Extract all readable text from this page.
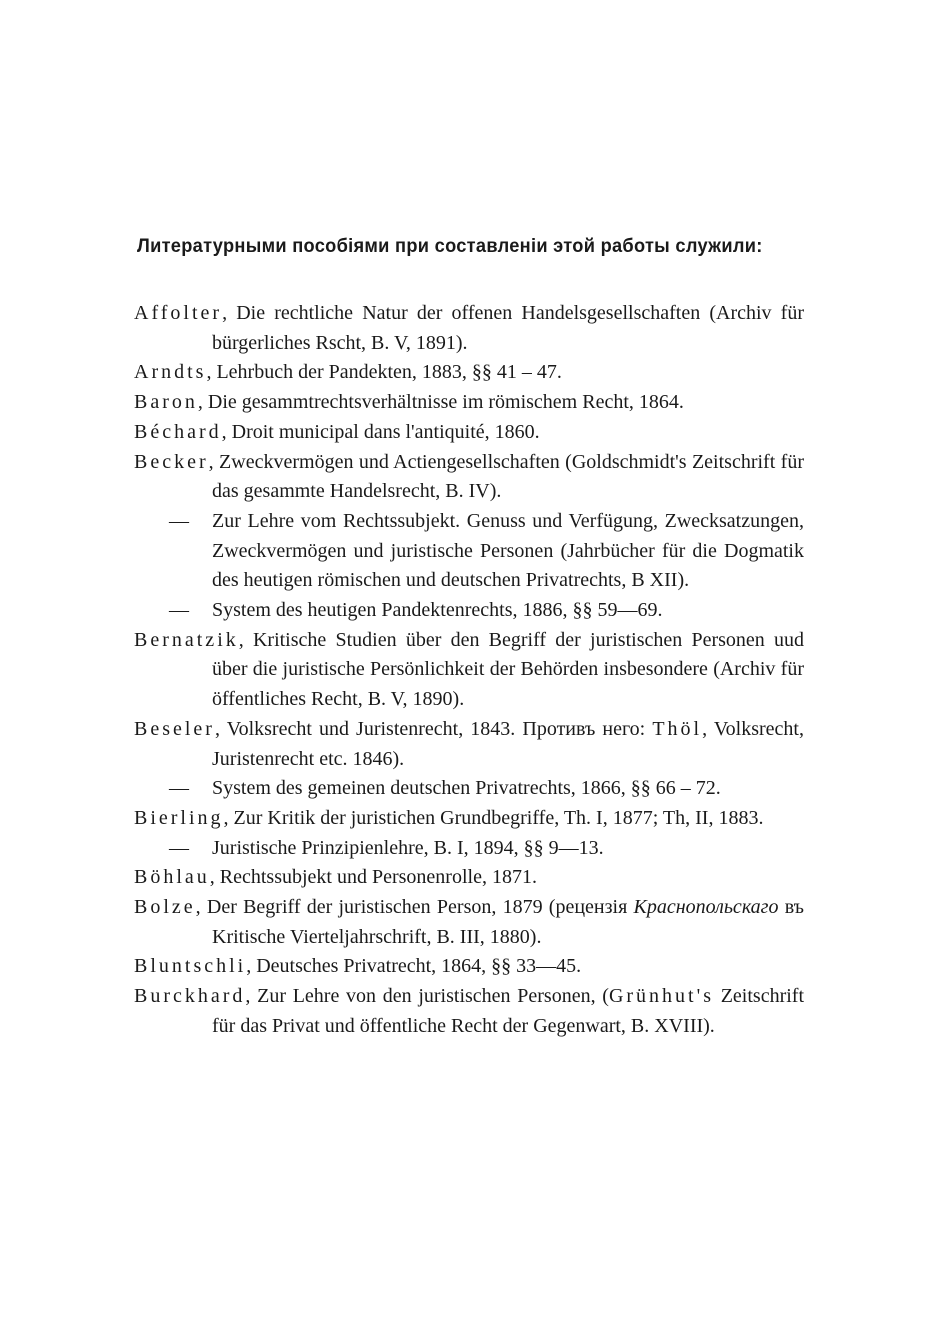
Литературными пособіями при составленіи этой работы служили:
Affolter, Die rechtliche Natur der offenen Handelsgesellschaften (Archiv für bürgerliches Rscht, B. V, 1891).
Arndts, Lehrbuch der Pandekten, 1883, §§ 41 – 47.
Baron, Die gesammtrechtsverhältnisse im römischem Recht, 1864.
Béchard, Droit municipal dans l'antiquité, 1860.
Becker, Zweckvermögen und Actiengesellschaften (Goldschmidt's Zeitschrift für das gesammte Handelsrecht, B. IV).
— Zur Lehre vom Rechtssubjekt. Genuss und Verfügung, Zwecksatzungen, Zweckvermögen und juristische Personen (Jahrbücher für die Dogmatik des heutigen römischen und deutschen Privatrechts, B XII).
— System des heutigen Pandektenrechts, 1886, §§ 59—69.
Bernatzik, Kritische Studien über den Begriff der juristischen Personen uud über die juristische Persönlichkeit der Behörden insbesondere (Archiv für öffentliches Recht, B. V, 1890).
Beseler, Volksrecht und Juristenrecht, 1843. Противъ него: Thöl, Volksrecht, Juristenrecht etc. 1846).
— System des gemeinen deutschen Privatrechts, 1866, §§ 66 – 72.
Bierling, Zur Kritik der juristichen Grundbegriffe, Th. I, 1877; Th, II, 1883.
— Juristische Prinzipienlehre, B. I, 1894, §§ 9—13.
Böhlau, Rechtssubjekt und Personenrolle, 1871.
Bolze, Der Begriff der juristischen Person, 1879 (рецензія Краснопольскаго въ Kritische Vierteljahrschrift, B. III, 1880).
Bluntschli, Deutsches Privatrecht, 1864, §§ 33—45.
Burckhard, Zur Lehre von den juristischen Personen, (Grünhut's Zeitschrift für das Privat und öffentliche Recht der Gegenwart, B. XVIII).
